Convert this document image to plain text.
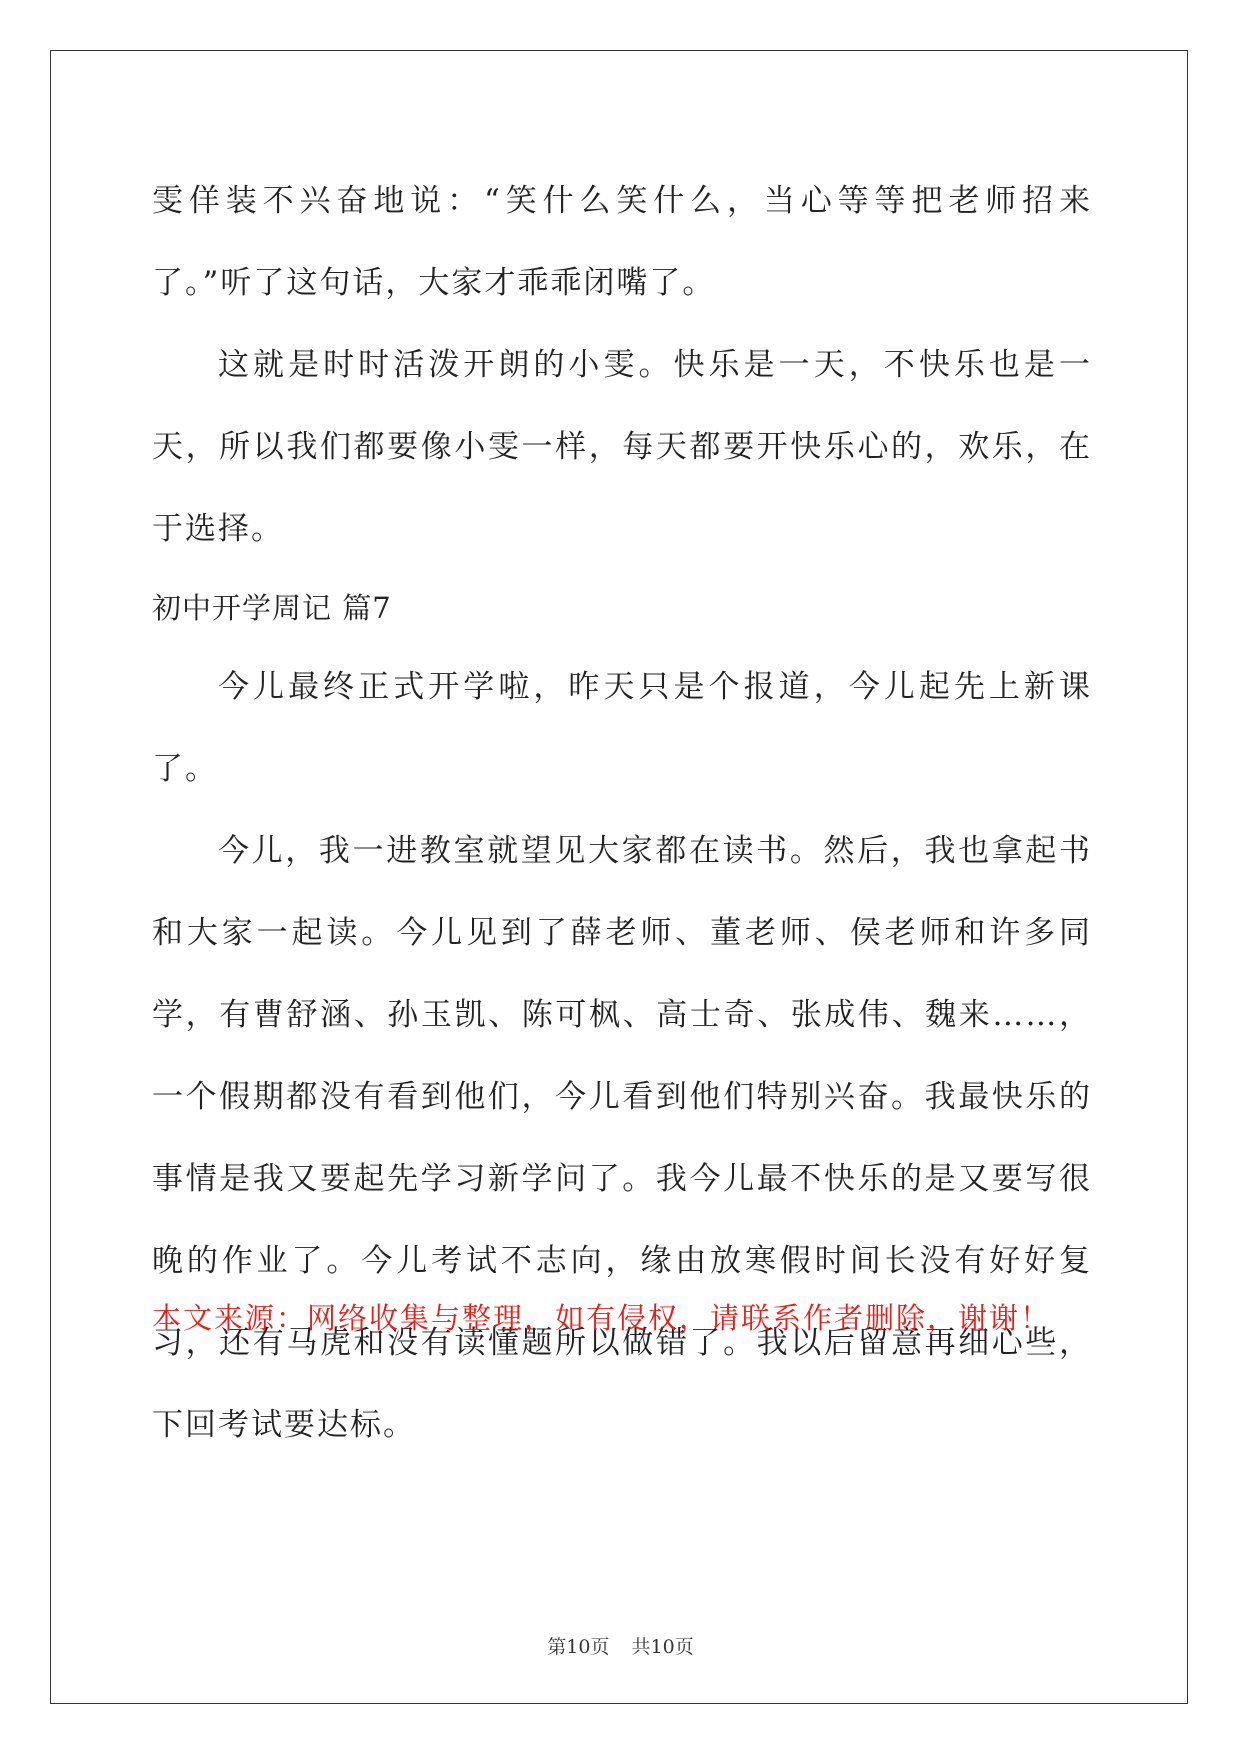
雯佯装不兴奋地说：“笑什么笑什么，当心等等把老师招来了。”听了这句话，大家才乖乖闭嘴了。

这就是时时活泼开朗的小雯。快乐是一天，不快乐也是一天，所以我们都要像小雯一样，每天都要开快乐心的，欢乐，在于选择。

初中开学周记 篇7

今儿最终正式开学啦，昨天只是个报道，今儿起先上新课了。

今儿，我一进教室就望见大家都在读书。然后，我也拿起书和大家一起读。今儿见到了薛老师、董老师、侯老师和许多同学，有曹舒涵、孙玉凯、陈可枫、高士奇、张成伟、魏来……，一个假期都没有看到他们，今儿看到他们特别兴奋。我最快乐的事情是我又要起先学习新学问了。我今儿最不快乐的是又要写很晚的作业了。今儿考试不志向，缘由放寒假时间长没有好好复习，还有马虎和没有读懂题所以做错了。我以后留意再细心些，下回考试要达标。

本文来源：网络收集与整理，如有侵权，请联系作者删除，谢谢！

第10页 共10页
